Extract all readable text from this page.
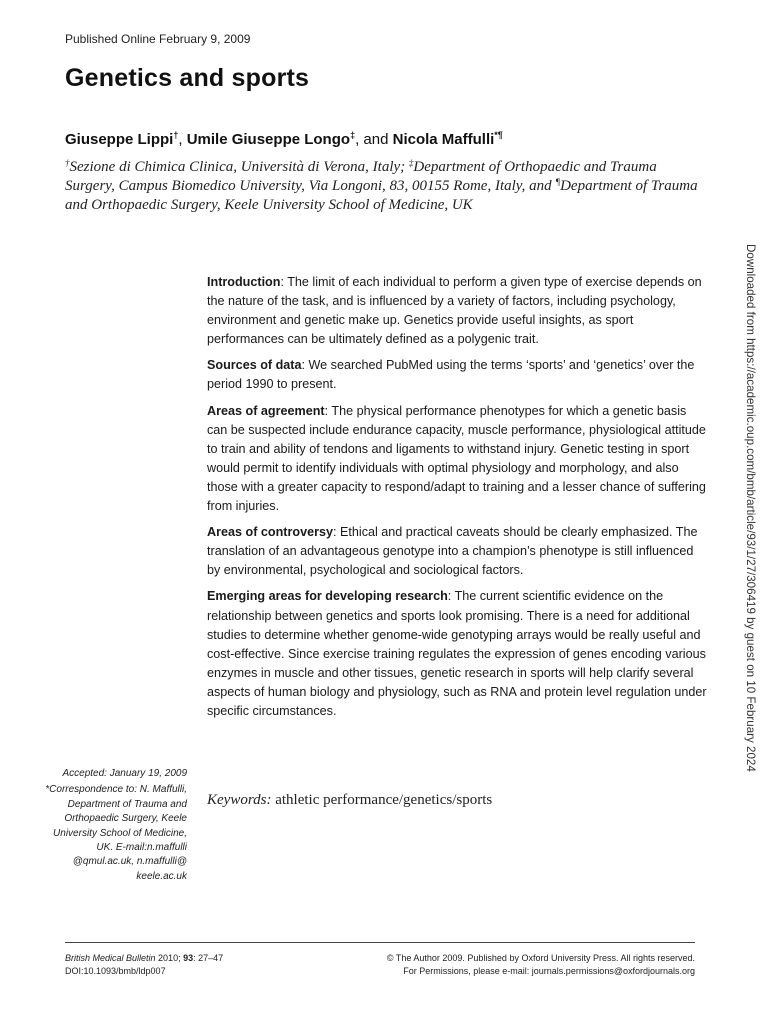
Published Online February 9, 2009
Genetics and sports
Giuseppe Lippi†, Umile Giuseppe Longo‡, and Nicola Maffulli*¶
†Sezione di Chimica Clinica, Università di Verona, Italy; ‡Department of Orthopaedic and Trauma Surgery, Campus Biomedico University, Via Longoni, 83, 00155 Rome, Italy, and ¶Department of Trauma and Orthopaedic Surgery, Keele University School of Medicine, UK

Introduction: The limit of each individual to perform a given type of exercise depends on the nature of the task, and is influenced by a variety of factors, including psychology, environment and genetic make up. Genetics provide useful insights, as sport performances can be ultimately defined as a polygenic trait.

Sources of data: We searched PubMed using the terms ‘sports’ and ‘genetics’ over the period 1990 to present.

Areas of agreement: The physical performance phenotypes for which a genetic basis can be suspected include endurance capacity, muscle performance, physiological attitude to train and ability of tendons and ligaments to withstand injury. Genetic testing in sport would permit to identify individuals with optimal physiology and morphology, and also those with a greater capacity to respond/adapt to training and a lesser chance of suffering from injuries.

Areas of controversy: Ethical and practical caveats should be clearly emphasized. The translation of an advantageous genotype into a champion’s phenotype is still influenced by environmental, psychological and sociological factors.

Emerging areas for developing research: The current scientific evidence on the relationship between genetics and sports look promising. There is a need for additional studies to determine whether genome-wide genotyping arrays would be really useful and cost-effective. Since exercise training regulates the expression of genes encoding various enzymes in muscle and other tissues, genetic research in sports will help clarify several aspects of human biology and physiology, such as RNA and protein level regulation under specific circumstances.

Keywords: athletic performance/genetics/sports
Accepted: January 19, 2009
*Correspondence to: N. Maffulli, Department of Trauma and Orthopaedic Surgery, Keele University School of Medicine, UK. E-mail:n.maffulli @qmul.ac.uk, n.maffulli@ keele.ac.uk
British Medical Bulletin 2010; 93: 27–47
DOI:10.1093/bmb/ldp007
© The Author 2009. Published by Oxford University Press. All rights reserved.
For Permissions, please e-mail: journals.permissions@oxfordjournals.org
Downloaded from https://academic.oup.com/bmb/article/93/1/27/306419 by guest on 10 February 2024
